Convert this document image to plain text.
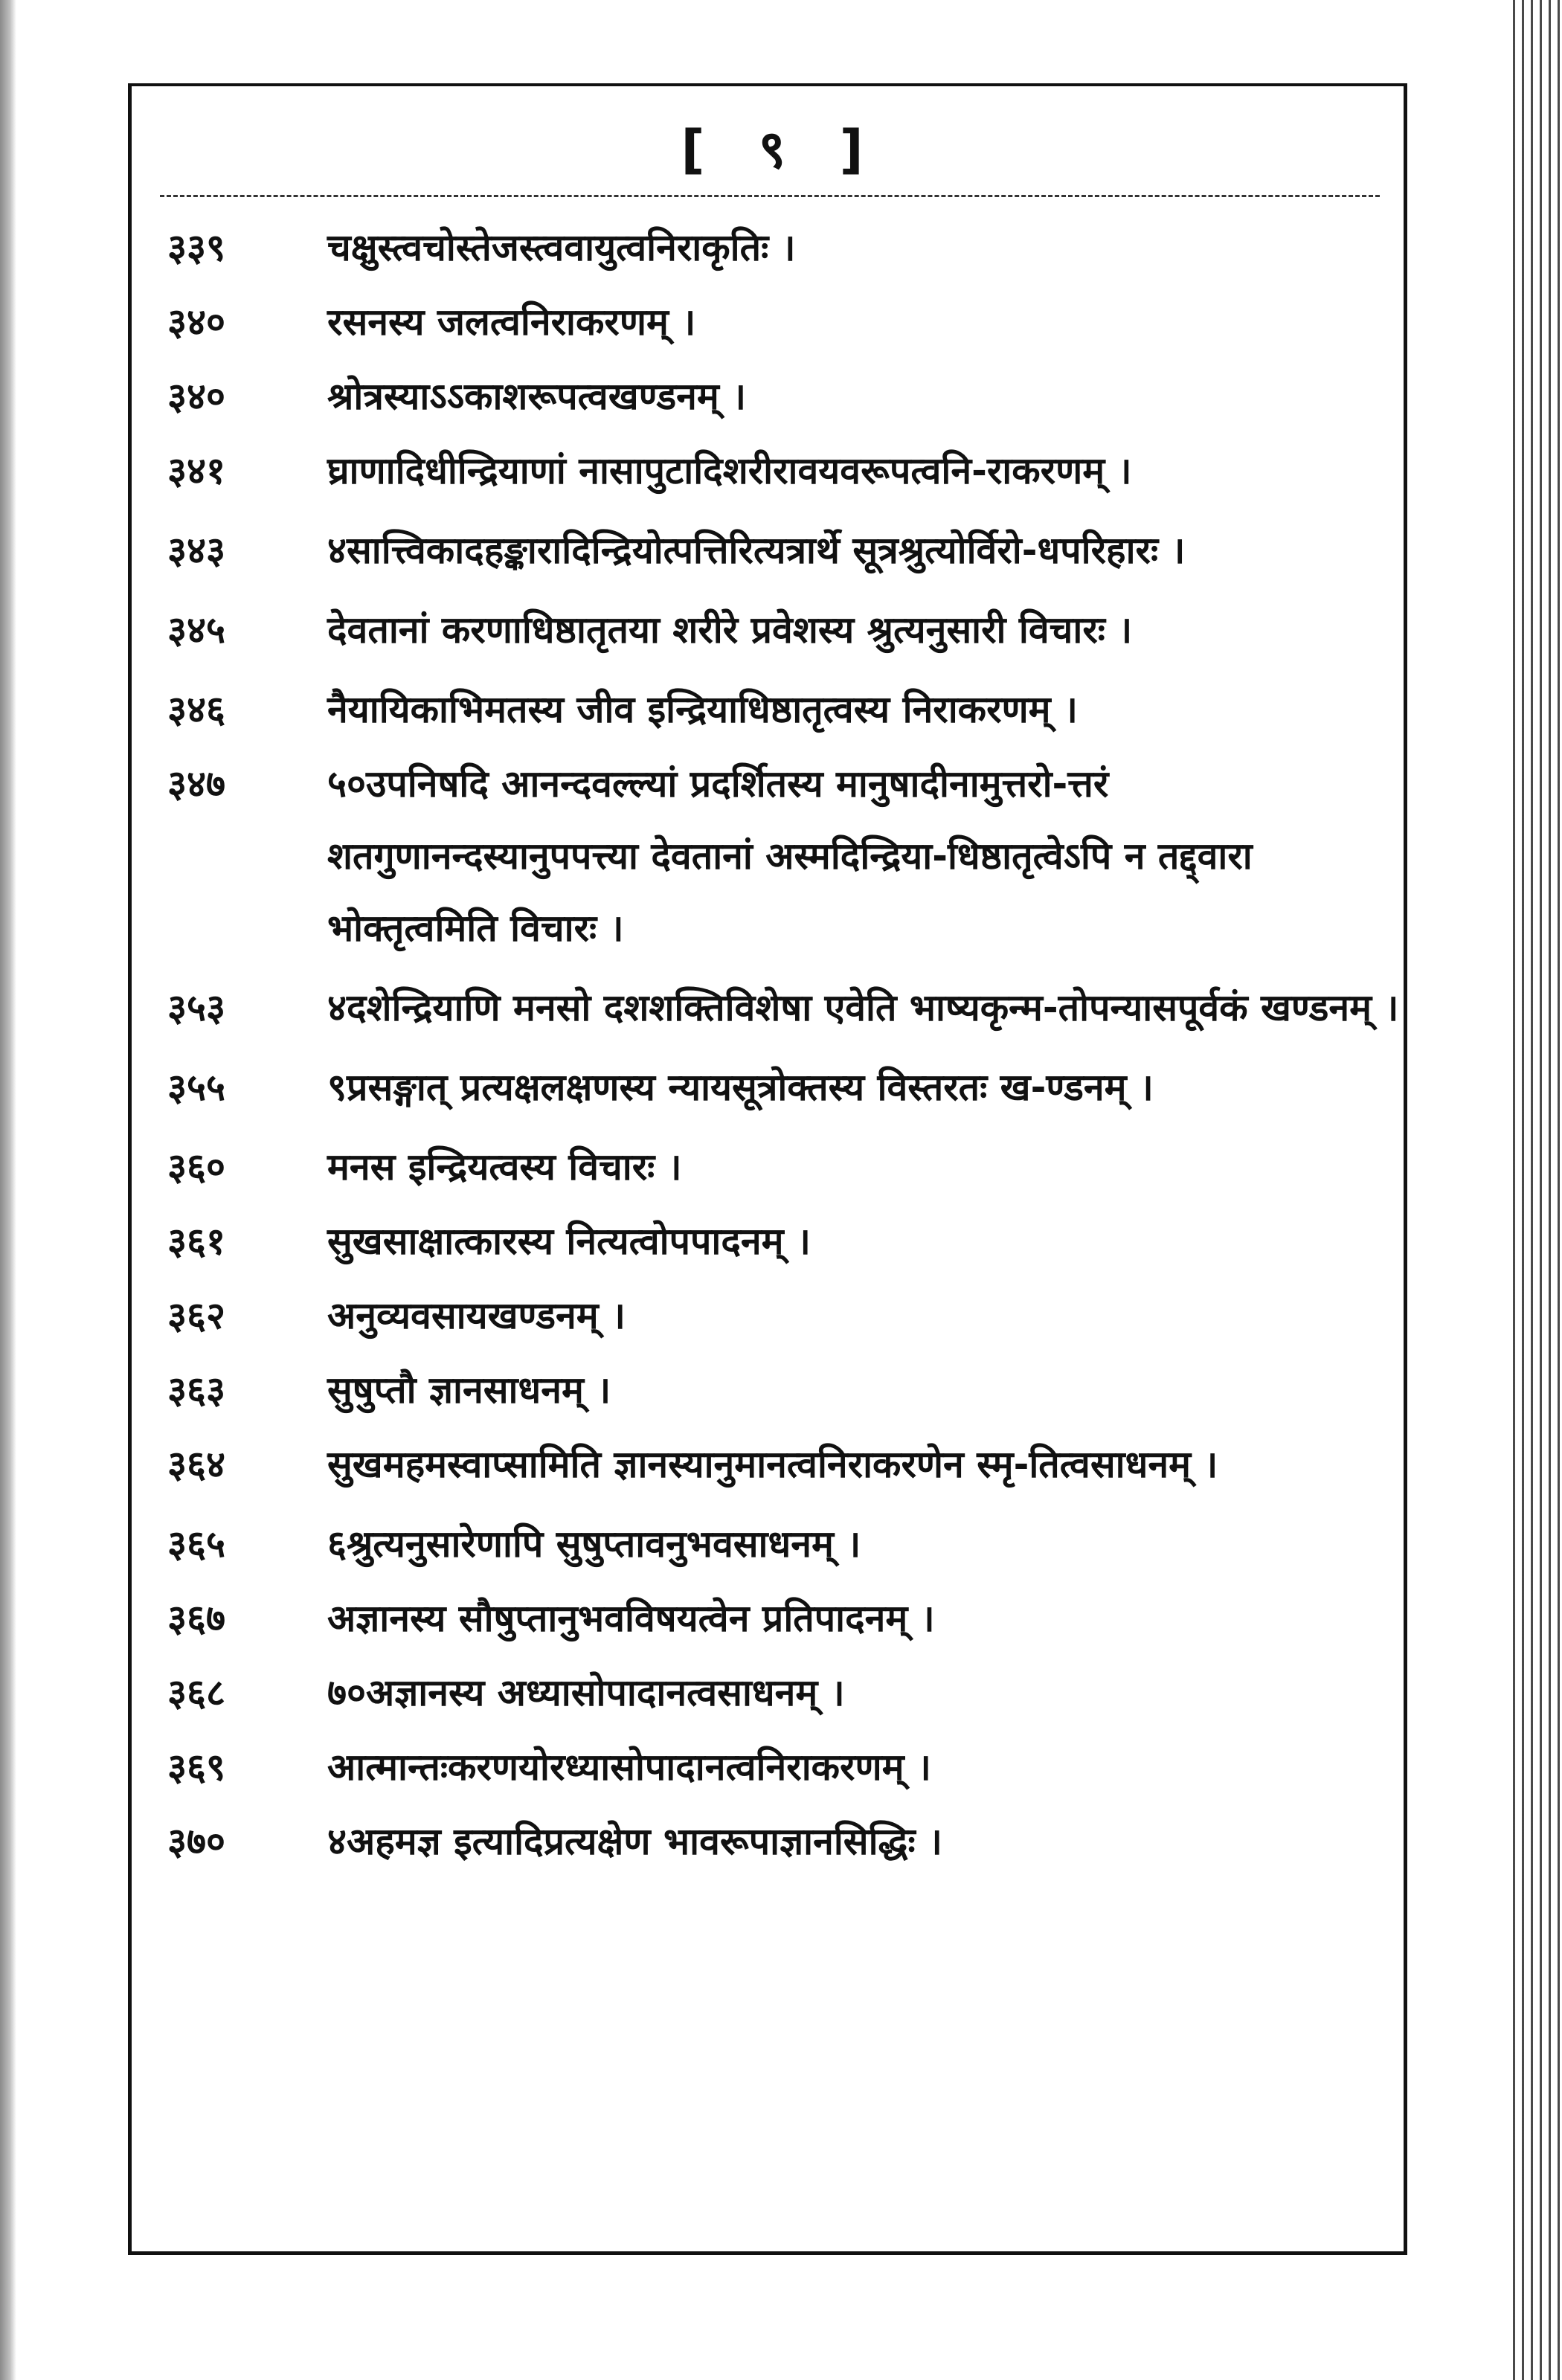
[ ९ ]
३३९	चक्षुस्त्वचोस्तेजस्त्ववायुत्वनिराकृतिः ।
३४०	रसनस्य जलत्वनिराकरणम् ।
३४०	श्रोत्रस्याऽऽकाशरूपत्वखण्डनम् ।
३४१	घ्राणादिधीन्द्रियाणां नासापुटादिशरीरावयवरूपत्वनि-राकरणम् ।
३४३	४सात्त्विकादहङ्कारादिन्द्रियोत्पत्तिरित्यत्रार्थे सूत्रश्रुत्योर्विरो-धपरिहारः ।
३४५	देवतानां करणाधिष्ठातृतया शरीरे प्रवेशस्य श्रुत्यनुसारी विचारः ।
३४६	नैयायिकाभिमतस्य जीव इन्द्रियाधिष्ठातृत्वस्य निराकरणम् ।
३४७	५०उपनिषदि आनन्दवल्ल्यां प्रदर्शितस्य मानुषादीनामुत्तरो-त्तरं शतगुणानन्दस्यानुपपत्त्या देवतानां अस्मदिन्द्रिया-धिष्ठातृत्वेऽपि न तद्द्वारा भोक्तृत्वमिति विचारः ।
३५३	४दशेन्द्रियाणि मनसो दशशक्तिविशेषा एवेति भाष्यकृन्म-तोपन्यासपूर्वकं खण्डनम् ।
३५५	९प्रसङ्गात् प्रत्यक्षलक्षणस्य न्यायसूत्रोक्तस्य विस्तरतः ख-ण्डनम् ।
३६०	मनस इन्द्रियत्वस्य विचारः ।
३६१	सुखसाक्षात्कारस्य नित्यत्वोपपादनम् ।
३६२	अनुव्यवसायखण्डनम् ।
३६३	सुषुप्तौ ज्ञानसाधनम् ।
३६४	सुखमहमस्वाप्सामिति ज्ञानस्यानुमानत्वनिराकरणेन स्मृ-तित्वसाधनम् ।
३६५	६श्रुत्यनुसारेणापि सुषुप्तावनुभवसाधनम् ।
३६७	अज्ञानस्य सौषुप्तानुभवविषयत्वेन प्रतिपादनम् ।
३६८	७०अज्ञानस्य अध्यासोपादानत्वसाधनम् ।
३६९	आत्मान्तःकरणयोरध्यासोपादानत्वनिराकरणम् ।
३७०	४अहमज्ञ इत्यादिप्रत्यक्षेण भावरूपाज्ञानसिद्धिः ।
